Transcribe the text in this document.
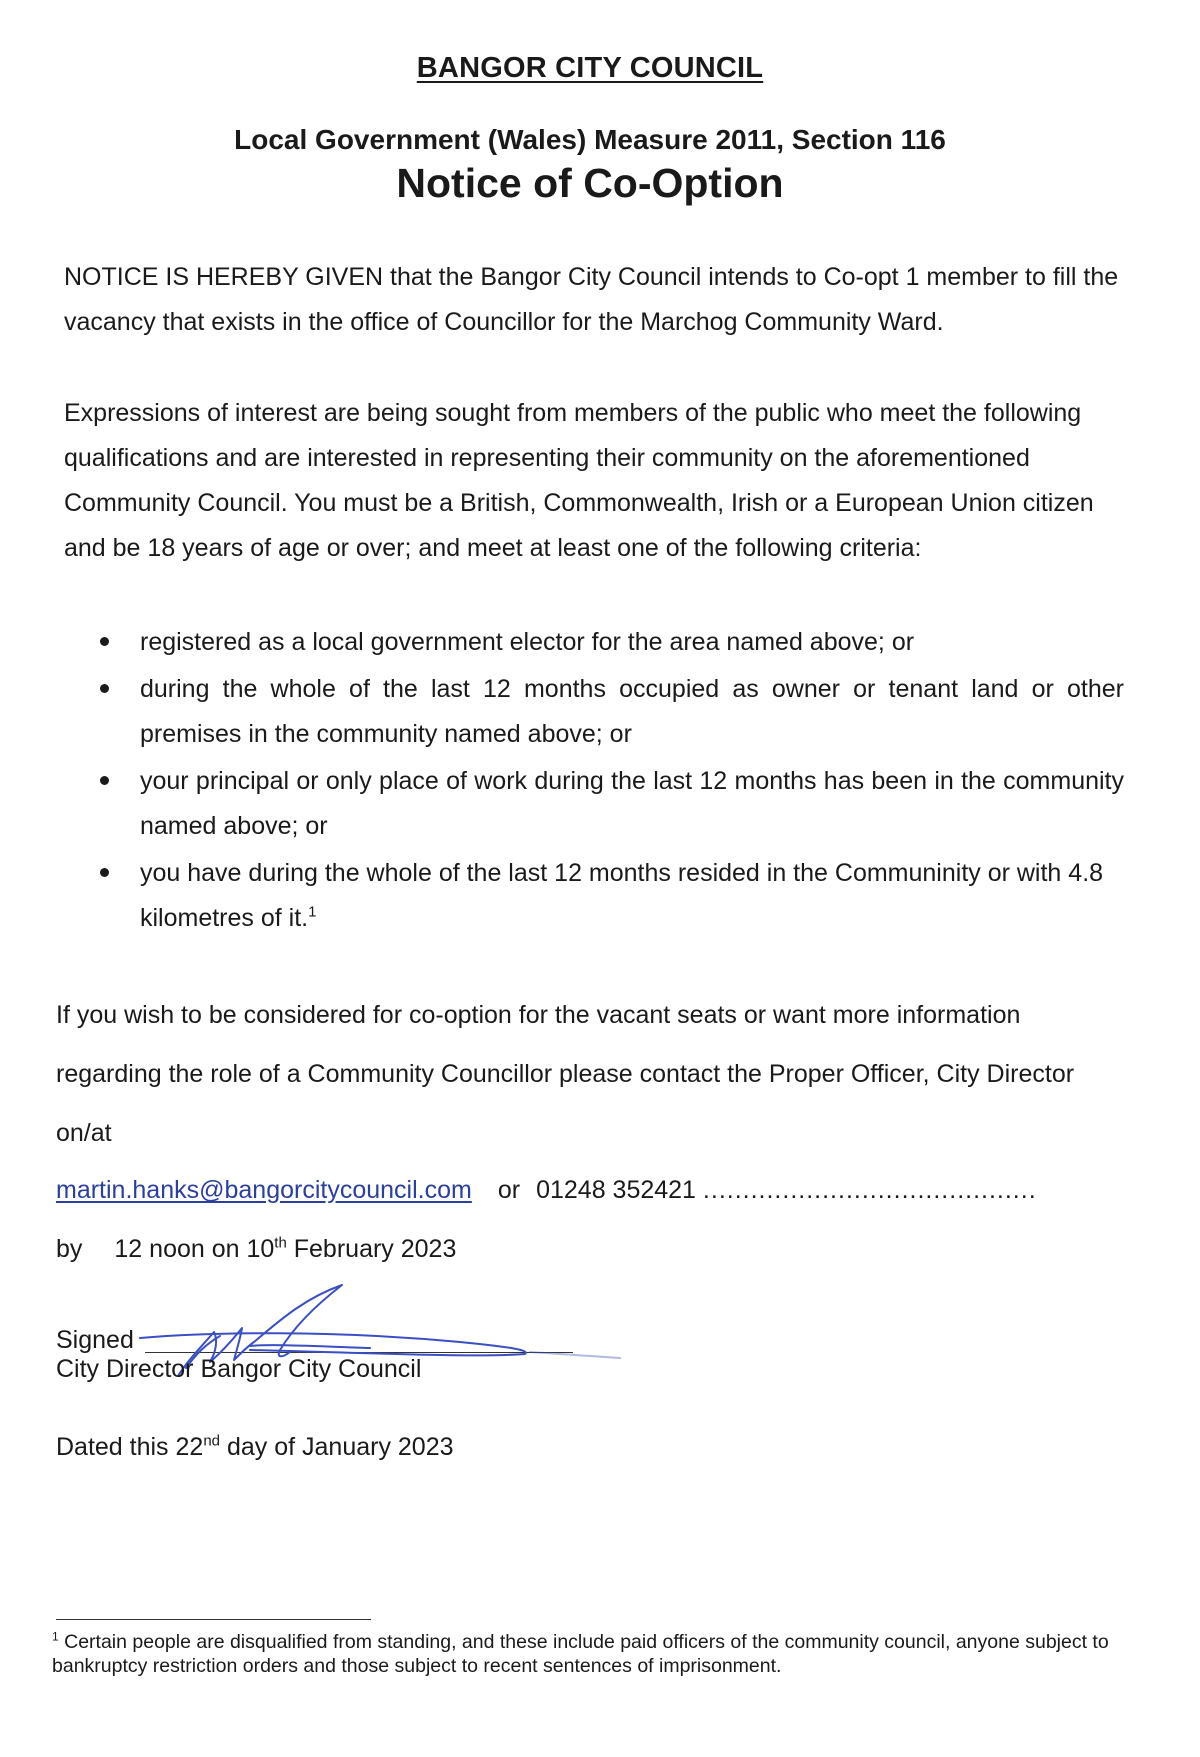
BANGOR CITY COUNCIL
Local Government (Wales) Measure 2011, Section 116
Notice of Co-Option
NOTICE IS HEREBY GIVEN that the Bangor City Council intends to Co-opt 1 member to fill the vacancy that exists in the office of Councillor for the Marchog Community Ward.
Expressions of interest are being sought from members of the public who meet the following qualifications and are interested in representing their community on the aforementioned Community Council. You must be a British, Commonwealth, Irish or a European Union citizen and be 18 years of age or over; and meet at least one of the following criteria:
registered as a local government elector for the area named above; or
during the whole of the last 12 months occupied as owner or tenant land or other premises in the community named above; or
your principal or only place of work during the last 12 months has been in the community named above; or
you have during the whole of the last 12 months resided in the Communinity or with 4.8 kilometres of it.$^1$
If you wish to be considered for co-option for the vacant seats or want more information regarding the role of a Community Councillor please contact the Proper Officer, City Director on/at
martin.hanks@bangorcitycouncil.com or 01248 352421 ..........................................
by 12 noon on 10th February 2023
Signed
City Director Bangor City Council
Dated this 22nd day of January 2023
$^1$ Certain people are disqualified from standing, and these include paid officers of the community council, anyone subject to bankruptcy restriction orders and those subject to recent sentences of imprisonment.
